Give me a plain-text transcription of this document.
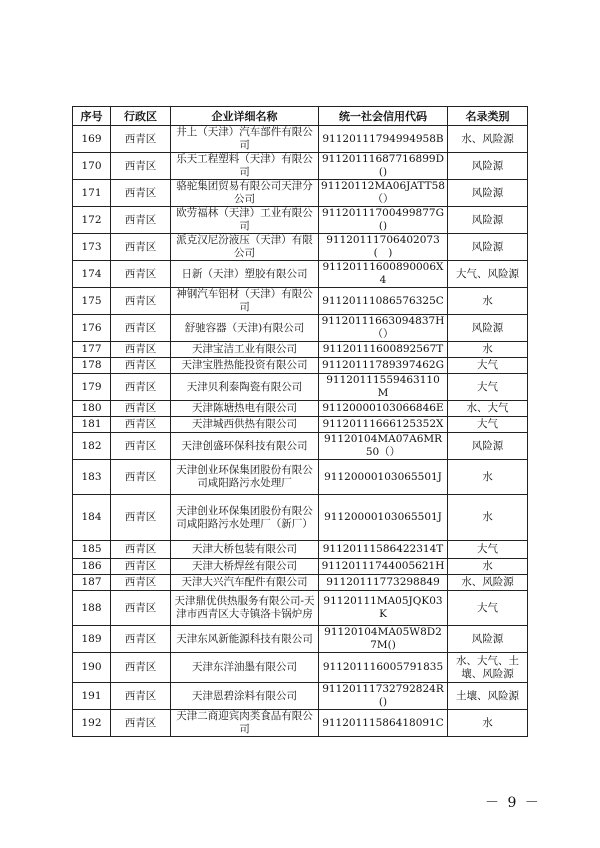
序号	行政区	企业详细名称	统一社会信用代码	名录类别
169	西青区	井上（天津）汽车部件有限公司	91120111794994958B	水、风险源
170	西青区	乐天工程塑料（天津）有限公司	91120111687716899D()	风险源
171	西青区	骆驼集团贸易有限公司天津分公司	91120112MA06JATT58（）	风险源
172	西青区	欧劳福林（天津）工业有限公司	91120111700499877G()	风险源
173	西青区	派克汉尼汾液压（天津）有限公司	91120111706402073(　)	风险源
174	西青区	日新（天津）塑胶有限公司	91120111600890006X4	大气、风险源
175	西青区	神钢汽车铝材（天津）有限公司	91120111086576325C	水
176	西青区	舒驰容器（天津)有限公司	91120111663094837H（）	风险源
177	西青区	天津宝洁工业有限公司	91120111600892567T	水
178	西青区	天津宝胜热能投资有限公司	91120111789397462G	大气
179	西青区	天津贝利泰陶瓷有限公司	91120111559463110M	大气
180	西青区	天津陈塘热电有限公司	91120000103066846E	水、大气
181	西青区	天津城西供热有限公司	91120111666125352X	大气
182	西青区	天津创盛环保科技有限公司	91120104MA07A6MR50（）	风险源
183	西青区	天津创业环保集团股份有限公司咸阳路污水处理厂	91120000103065501J	水
184	西青区	天津创业环保集团股份有限公司咸阳路污水处理厂（新厂）	91120000103065501J	水
185	西青区	天津大桥包装有限公司	91120111586422314T	大气
186	西青区	天津大桥焊丝有限公司	91120111744005621H	水
187	西青区	天津大兴汽车配件有限公司	91120111773298849	水、风险源
188	西青区	天津鼎优供热服务有限公司-天津市西青区大寺镇洛卡锅炉房	91120111MA05JQK03K	大气
189	西青区	天津东风新能源科技有限公司	91120104MA05W8D27M()	风险源
190	西青区	天津东洋油墨有限公司	91120111600579183​5	水、大气、土壤、风险源
191	西青区	天津恩碧涂料有限公司	91120111732792824R()	土壤、风险源
192	西青区	天津二商迎宾肉类食品有限公司	91120111586418091C	水
－ 9 －
